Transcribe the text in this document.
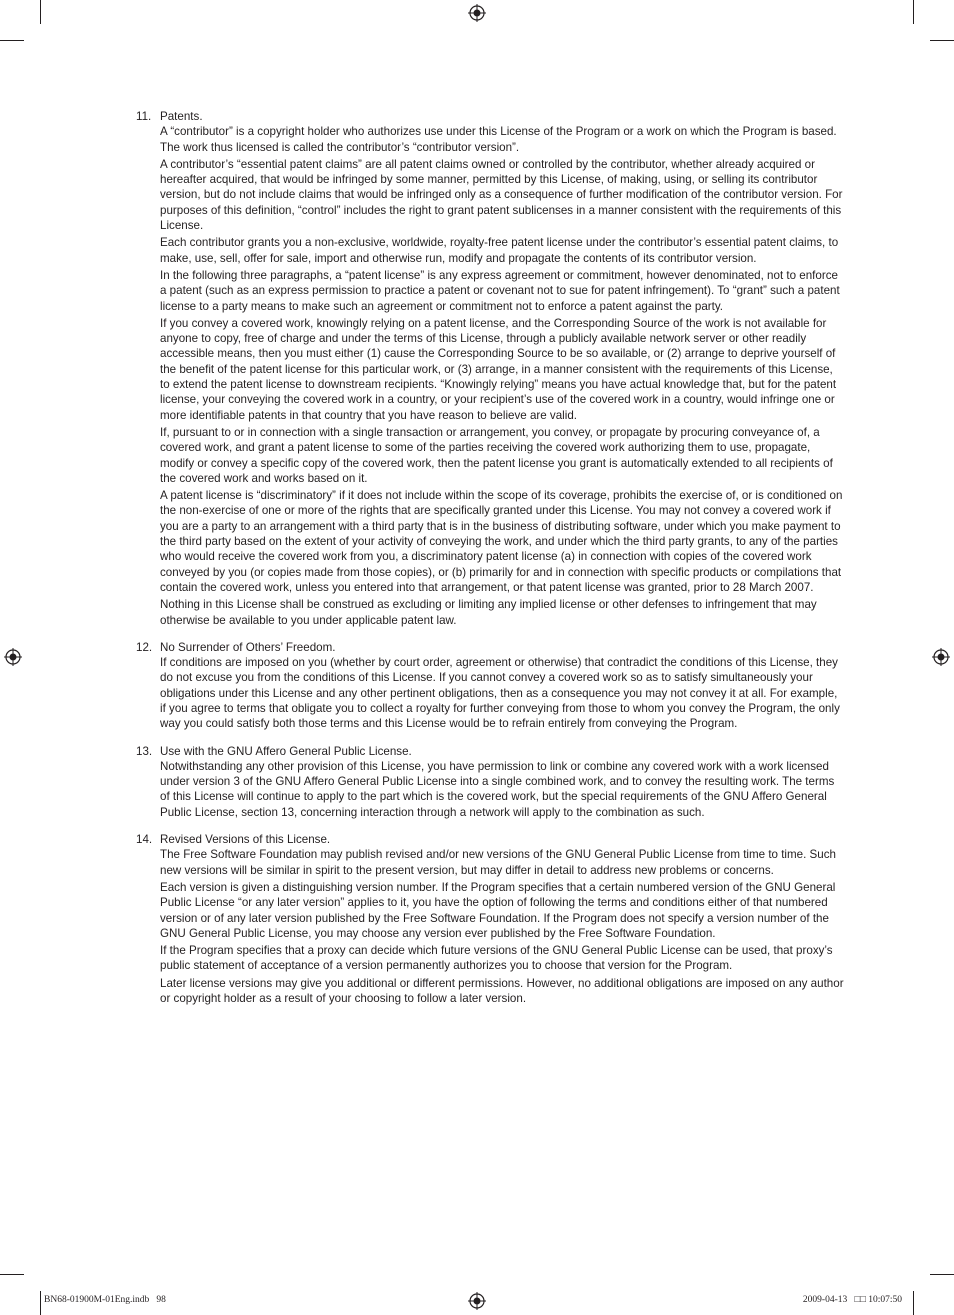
11. Patents.

A “contributor” is a copyright holder who authorizes use under this License of the Program or a work on which the Program is based. The work thus licensed is called the contributor’s “contributor version”.

A contributor’s “essential patent claims” are all patent claims owned or controlled by the contributor, whether already acquired or hereafter acquired, that would be infringed by some manner, permitted by this License, of making, using, or selling its contributor version, but do not include claims that would be infringed only as a consequence of further modification of the contributor version. For purposes of this definition, “control” includes the right to grant patent sublicenses in a manner consistent with the requirements of this License.

Each contributor grants you a non-exclusive, worldwide, royalty-free patent license under the contributor’s essential patent claims, to make, use, sell, offer for sale, import and otherwise run, modify and propagate the contents of its contributor version.

In the following three paragraphs, a “patent license” is any express agreement or commitment, however denominated, not to enforce a patent (such as an express permission to practice a patent or covenant not to sue for patent infringement). To “grant” such a patent license to a party means to make such an agreement or commitment not to enforce a patent against the party.

If you convey a covered work, knowingly relying on a patent license, and the Corresponding Source of the work is not available for anyone to copy, free of charge and under the terms of this License, through a publicly available network server or other readily accessible means, then you must either (1) cause the Corresponding Source to be so available, or (2) arrange to deprive yourself of the benefit of the patent license for this particular work, or (3) arrange, in a manner consistent with the requirements of this License, to extend the patent license to downstream recipients. “Knowingly relying” means you have actual knowledge that, but for the patent license, your conveying the covered work in a country, or your recipient’s use of the covered work in a country, would infringe one or more identifiable patents in that country that you have reason to believe are valid.

If, pursuant to or in connection with a single transaction or arrangement, you convey, or propagate by procuring conveyance of, a covered work, and grant a patent license to some of the parties receiving the covered work authorizing them to use, propagate, modify or convey a specific copy of the covered work, then the patent license you grant is automatically extended to all recipients of the covered work and works based on it.

A patent license is “discriminatory” if it does not include within the scope of its coverage, prohibits the exercise of, or is conditioned on the non-exercise of one or more of the rights that are specifically granted under this License. You may not convey a covered work if you are a party to an arrangement with a third party that is in the business of distributing software, under which you make payment to the third party based on the extent of your activity of conveying the work, and under which the third party grants, to any of the parties who would receive the covered work from you, a discriminatory patent license (a) in connection with copies of the covered work conveyed by you (or copies made from those copies), or (b) primarily for and in connection with specific products or compilations that contain the covered work, unless you entered into that arrangement, or that patent license was granted, prior to 28 March 2007.

Nothing in this License shall be construed as excluding or limiting any implied license or other defenses to infringement that may otherwise be available to you under applicable patent law.

12. No Surrender of Others’ Freedom.

If conditions are imposed on you (whether by court order, agreement or otherwise) that contradict the conditions of this License, they do not excuse you from the conditions of this License. If you cannot convey a covered work so as to satisfy simultaneously your obligations under this License and any other pertinent obligations, then as a consequence you may not convey it at all. For example, if you agree to terms that obligate you to collect a royalty for further conveying from those to whom you convey the Program, the only way you could satisfy both those terms and this License would be to refrain entirely from conveying the Program.

13. Use with the GNU Affero General Public License.

Notwithstanding any other provision of this License, you have permission to link or combine any covered work with a work licensed under version 3 of the GNU Affero General Public License into a single combined work, and to convey the resulting work. The terms of this License will continue to apply to the part which is the covered work, but the special requirements of the GNU Affero General Public License, section 13, concerning interaction through a network will apply to the combination as such.

14. Revised Versions of this License.

The Free Software Foundation may publish revised and/or new versions of the GNU General Public License from time to time. Such new versions will be similar in spirit to the present version, but may differ in detail to address new problems or concerns.

Each version is given a distinguishing version number. If the Program specifies that a certain numbered version of the GNU General Public License “or any later version” applies to it, you have the option of following the terms and conditions either of that numbered version or of any later version published by the Free Software Foundation. If the Program does not specify a version number of the GNU General Public License, you may choose any version ever published by the Free Software Foundation.

If the Program specifies that a proxy can decide which future versions of the GNU General Public License can be used, that proxy’s public statement of acceptance of a version permanently authorizes you to choose that version for the Program.

Later license versions may give you additional or different permissions. However, no additional obligations are imposed on any author or copyright holder as a result of your choosing to follow a later version.

BN68-01900M-01Eng.indb   98	2009-04-13   □□ 10:07:50
